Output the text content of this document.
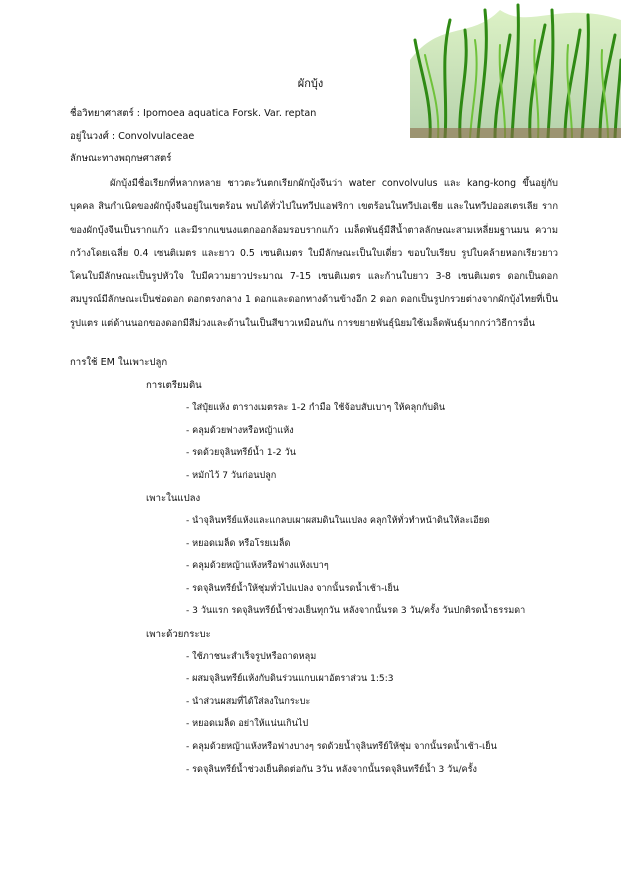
ผักบุ้ง
ชื่อวิทยาศาสตร์ : Ipomoea aquatica Forsk. Var. reptan
อยู่ในวงศ์ : Convolvulaceae
ลักษณะทางพฤกษศาสตร์

ผักบุ้งมีชื่อเรียกที่หลากหลาย ชาวตะวันตกเรียกผักบุ้งจีนว่า water convolvulus และ kang-kong ขึ้นอยู่กับบุคคล สินกำเนิดของผักบุ้งจีนอยู่ในเขตร้อน พบได้ทั่วไปในทวีปแอฟริกา เขตร้อนในทวีปเอเชีย และในทวีปออสเตรเลีย รากของผักบุ้งจีนเป็นรากแก้ว และมีรากแขนงแตกออกล้อมรอบรากแก้ว เมล็ดพันธุ์มีสีน้ำตาลลักษณะสามเหลี่ยมฐานมน ความกว้างโดยเฉลี่ย 0.4 เซนติเมตร และยาว 0.5 เซนติเมตร ใบมีลักษณะเป็นใบเดี่ยว ขอบใบเรียบ รูปใบคล้ายหอกเรียวยาว โคนใบมีลักษณะเป็นรูปหัวใจ ใบมีความยาวประมาณ 7-15 เซนติเมตร และก้านใบยาว 3-8 เซนติเมตร ดอกเป็นดอกสมบูรณ์มีลักษณะเป็นช่อดอก ดอกตรงกลาง 1 ดอกและดอกทางด้านข้างอีก 2 ดอก ดอกเป็นรูปกรวยต่างจากผักบุ้งไทยที่เป็นรูปแตร แต่ด้านนอกของดอกมีสีม่วงและด้านในเป็นสีขาวเหมือนกัน การขยายพันธุ์นิยมใช้เมล็ดพันธุ์มากกว่าวิธีการอื่น

การใช้ EM ในเพาะปลูก
การเตรียมดิน
- ใส่ปุ๋ยแห้ง ตารางเมตรละ 1-2 กำมือ ใช้จ้อบสับเบาๆ ให้คลุกกับดิน
- คลุมด้วยฟางหรือหญ้าแห้ง
- รดด้วยจุลินทรีย์น้ำ 1-2 วัน
- หมักไว้ 7 วันก่อนปลูก
เพาะในแปลง
- นำจุลินทรีย์แห้งและแกลบเผาผสมดินในแปลง คลุกให้ทั่วทำหน้าดินให้ละเอียด
- หยอดเมล็ด หรือโรยเมล็ด
- คลุมด้วยหญ้าแห้งหรือฟางแห้งเบาๆ
- รดจุลินทรีย์น้ำให้ชุ่มทั่วไปแปลง จากนั้นรดน้ำเช้า-เย็น
- 3 วันแรก รดจุลินทรีย์น้ำช่วงเย็นทุกวัน หลังจากนั้นรด 3 วัน/ครั้ง วันปกติรดน้ำธรรมดา
เพาะด้วยกระบะ
- ใช้ภาชนะสำเร็จรูปหรือถาดหลุม
- ผสมจุลินทรีย์แห้งกับดินร่วนแกบเผาอัตราส่วน 1:5:3
- นำส่วนผสมที่ได้ใส่ลงในกระบะ
- หยอดเมล็ด อย่าให้แน่นเกินไป
- คลุมด้วยหญ้าแห้งหรือฟางบางๆ รดด้วยน้ำจุลินทรีย์ให้ชุ่ม จากนั้นรดน้ำเช้า-เย็น
- รดจุลินทรีย์น้ำช่วงเย็นติดต่อกัน 3วัน หลังจากนั้นรดจุลินทรีย์น้ำ 3 วัน/ครั้ง
